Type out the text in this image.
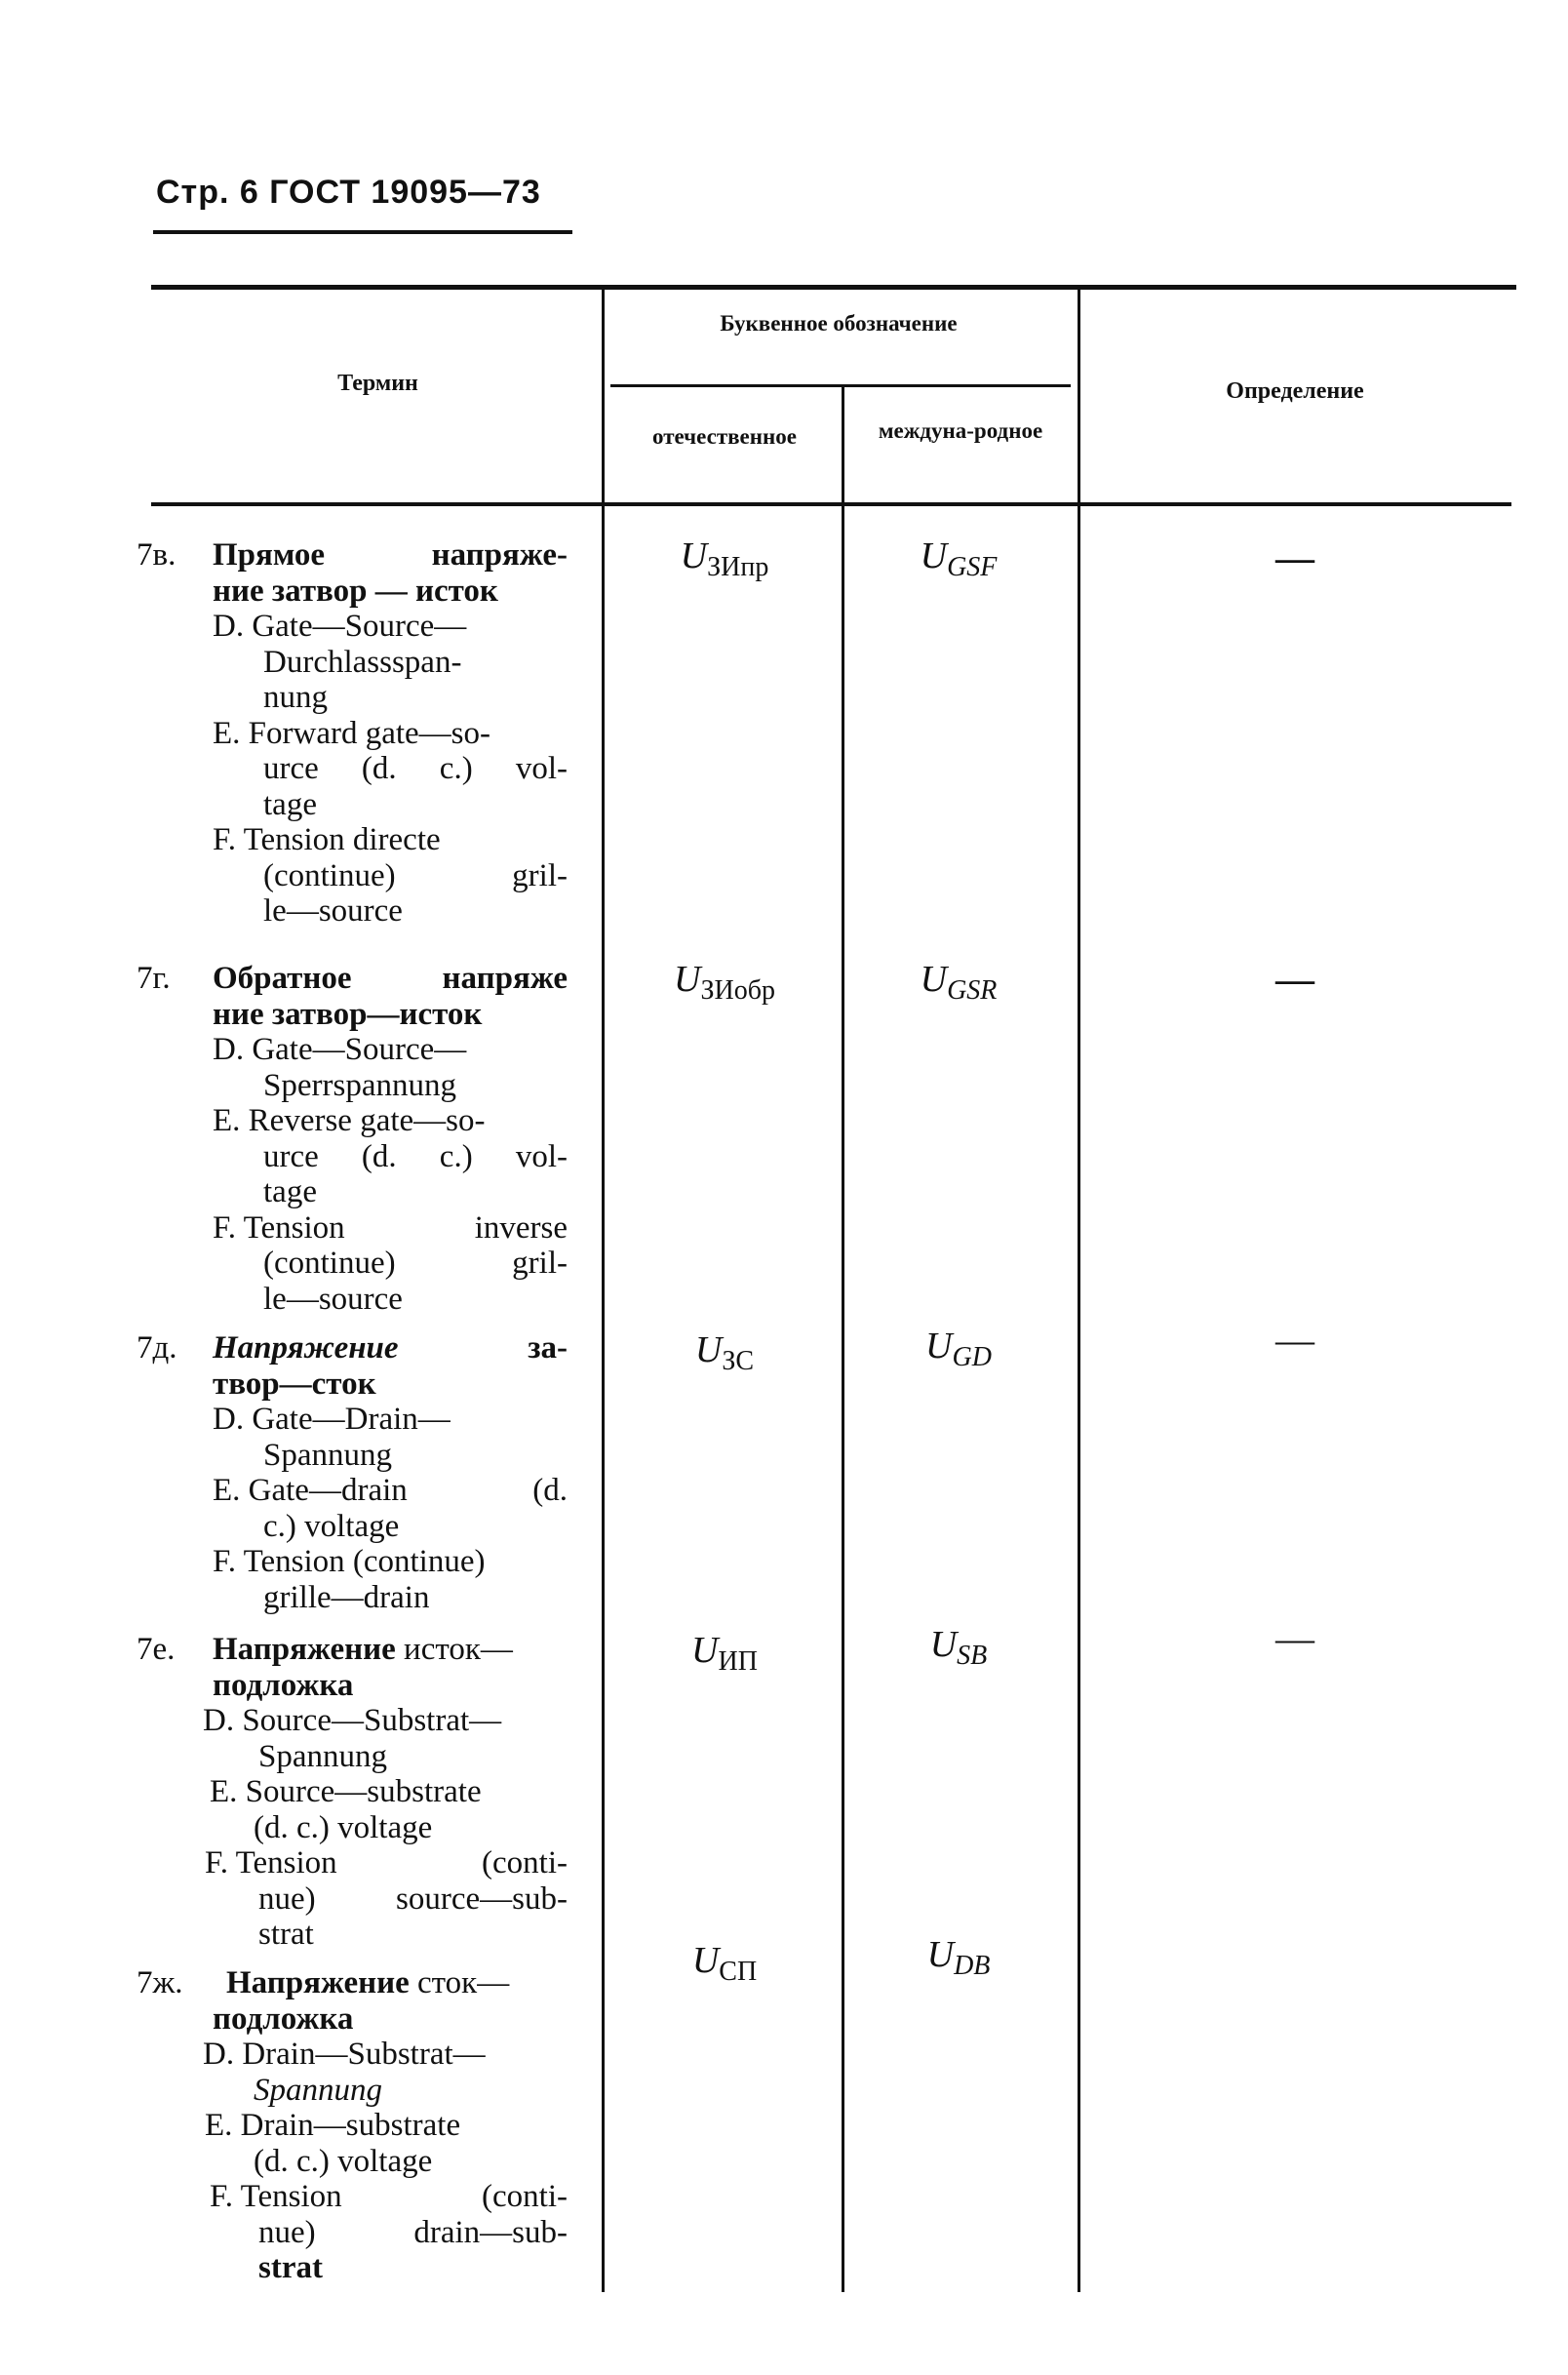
Стр. 6 ГОСТ 19095—73
Термин
Буквенное обозначение
отечественное	междуна-родное
Определение
7в. Прямое	напряже-
ние затвор — исток
D. Gate—Source—
Durchlassspan-
nung
E. Forward gate—so-
urce (d. c.) vol-
tage
F. Tension directe
(continue)	gril-
le—source
$U_{ЗИпр}$	$U_{GSF}$	—
7г. Обратное	напряже
ние затвор—исток
D. Gate—Source—
Sperrspannung
E. Reverse gate—so-
urce (d. c.) vol-
tage
F. Tension	inverse
(continue)	gril-
le—source
$U_{ЗИобр}$	$U_{GSR}$	—
7д. Напряжение	за-
твор—сток
D. Gate—Drain—
Spannung
E. Gate—drain	(d.
c.) voltage
F. Tension (continue)
grille—drain
$U_{ЗС}$	$U_{GD}$	—
7е. Напряжение исток—
подложка
D. Source—Substrat—
Spannung
E. Source—substrate
(d. c.) voltage
F. Tension	(conti-
nue) source—sub-
strat
$U_{ИП}$	$U_{SB}$	—
7ж. Напряжение сток—
подложка
D. Drain—Substrat—
Spannung
E. Drain—substrate
(d. c.) voltage
F. Tension	(conti-
nue)	drain—sub-
strat
$U_{СП}$	$U_{DB}$
